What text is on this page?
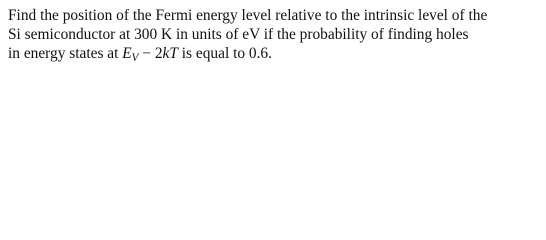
Find the position of the Fermi energy level relative to the intrinsic level of the
Si semiconductor at 300 K in units of eV if the probability of finding holes
in energy states at $E_V - 2kT$ is equal to 0.6.
